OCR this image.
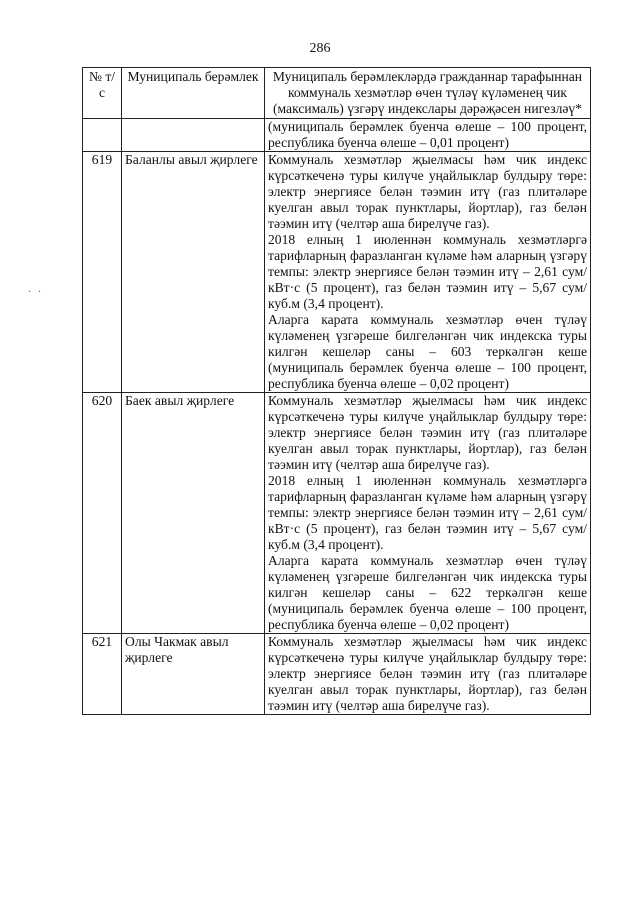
286
· ·
№ т/с	Муниципаль берәмлек	Муниципаль берәмлекләрдә гражданнар тарафыннан коммуналь хезмәтләр өчен түләү күләменең чик (максималь) үзгәрү индекслары дәрәҗәсен нигезләү*

		(муниципаль берәмлек буенча өлеше – 100 процент, республика буенча өлеше – 0,01 процент)

619	Баланлы авыл җирлеге	Коммуналь хезмәтләр җыелмасы һәм чик индекс күрсәткеченә туры килүче уңайлыклар булдыру төре: электр энергиясе белән тәэмин итү (газ плитәләре куелган авыл торак пунктлары, йортлар), газ белән тәэмин итү (челтәр аша бирелүче газ).

2018 елның 1 июленнән коммуналь хезмәтләргә тарифларның фаразланган күләме һәм аларның үзгәрү темпы: электр энергиясе белән тәэмин итү – 2,61 сум/кВт·с (5 процент), газ белән тәэмин итү – 5,67 сум/куб.м (3,4 процент).

Аларга карата коммуналь хезмәтләр өчен түләү күләменең үзгәреше билгеләнгән чик индекска туры килгән кешеләр саны – 603 теркәлгән кеше (муниципаль берәмлек буенча өлеше – 100 процент, республика буенча өлеше – 0,02 процент)

620	Баек авыл җирлеге	Коммуналь хезмәтләр җыелмасы һәм чик индекс күрсәткеченә туры килүче уңайлыклар булдыру төре: электр энергиясе белән тәэмин итү (газ плитәләре куелган авыл торак пунктлары, йортлар), газ белән тәэмин итү (челтәр аша бирелүче газ).

2018 елның 1 июленнән коммуналь хезмәтләргә тарифларның фаразланган күләме һәм аларның үзгәрү темпы: электр энергиясе белән тәэмин итү – 2,61 сум/кВт·с (5 процент), газ белән тәэмин итү – 5,67 сум/куб.м (3,4 процент).

Аларга карата коммуналь хезмәтләр өчен түләү күләменең үзгәреше билгеләнгән чик индекска туры килгән кешеләр саны – 622 теркәлгән кеше (муниципаль берәмлек буенча өлеше – 100 процент, республика буенча өлеше – 0,02 процент)

621	Олы Чакмак авыл җирлеге	Коммуналь хезмәтләр җыелмасы һәм чик индекс күрсәткеченә туры килүче уңайлыклар булдыру төре: электр энергиясе белән тәэмин итү (газ плитәләре куелган авыл торак пунктлары, йортлар), газ белән тәэмин итү (челтәр аша бирелүче газ).
